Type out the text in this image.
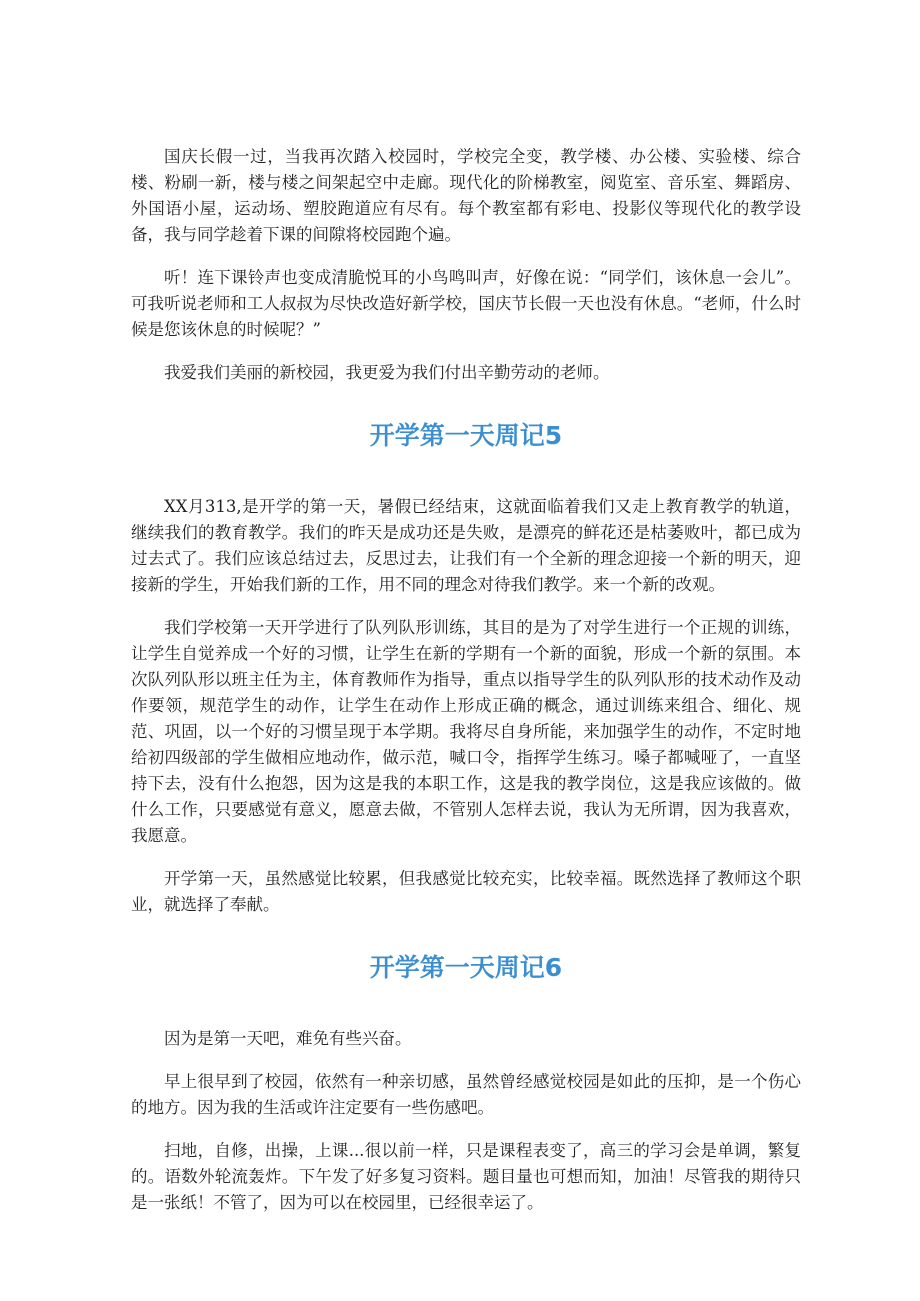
国庆长假一过，当我再次踏入校园时，学校完全变，教学楼、办公楼、实验楼、综合楼、粉刷一新，楼与楼之间架起空中走廊。现代化的阶梯教室，阅览室、音乐室、舞蹈房、外国语小屋，运动场、塑胶跑道应有尽有。每个教室都有彩电、投影仪等现代化的教学设备，我与同学趁着下课的间隙将校园跑个遍。

听！连下课铃声也变成清脆悦耳的小鸟鸣叫声，好像在说：“同学们，该休息一会儿”。可我听说老师和工人叔叔为尽快改造好新学校，国庆节长假一天也没有休息。“老师，什么时候是您该休息的时候呢？”

我爱我们美丽的新校园，我更爱为我们付出辛勤劳动的老师。

开学第一天周记5

XX月313,是开学的第一天，暑假已经结束，这就面临着我们又走上教育教学的轨道，继续我们的教育教学。我们的昨天是成功还是失败，是漂亮的鲜花还是枯萎败叶，都已成为过去式了。我们应该总结过去，反思过去，让我们有一个全新的理念迎接一个新的明天，迎接新的学生，开始我们新的工作，用不同的理念对待我们教学。来一个新的改观。

我们学校第一天开学进行了队列队形训练，其目的是为了对学生进行一个正规的训练，让学生自觉养成一个好的习惯，让学生在新的学期有一个新的面貌，形成一个新的氛围。本次队列队形以班主任为主，体育教师作为指导，重点以指导学生的队列队形的技术动作及动作要领，规范学生的动作，让学生在动作上形成正确的概念，通过训练来组合、细化、规范、巩固，以一个好的习惯呈现于本学期。我将尽自身所能，来加强学生的动作，不定时地给初四级部的学生做相应地动作，做示范，喊口令，指挥学生练习。嗓子都喊哑了，一直坚持下去，没有什么抱怨，因为这是我的本职工作，这是我的教学岗位，这是我应该做的。做什么工作，只要感觉有意义，愿意去做，不管别人怎样去说，我认为无所谓，因为我喜欢，我愿意。

开学第一天，虽然感觉比较累，但我感觉比较充实，比较幸福。既然选择了教师这个职业，就选择了奉献。

开学第一天周记6

因为是第一天吧，难免有些兴奋。

早上很早到了校园，依然有一种亲切感，虽然曾经感觉校园是如此的压抑，是一个伤心的地方。因为我的生活或许注定要有一些伤感吧。

扫地，自修，出操，上课...很以前一样，只是课程表变了，高三的学习会是单调，繁复的。语数外轮流轰炸。下午发了好多复习资料。题目量也可想而知，加油！尽管我的期待只是一张纸！不管了，因为可以在校园里，已经很幸运了。
